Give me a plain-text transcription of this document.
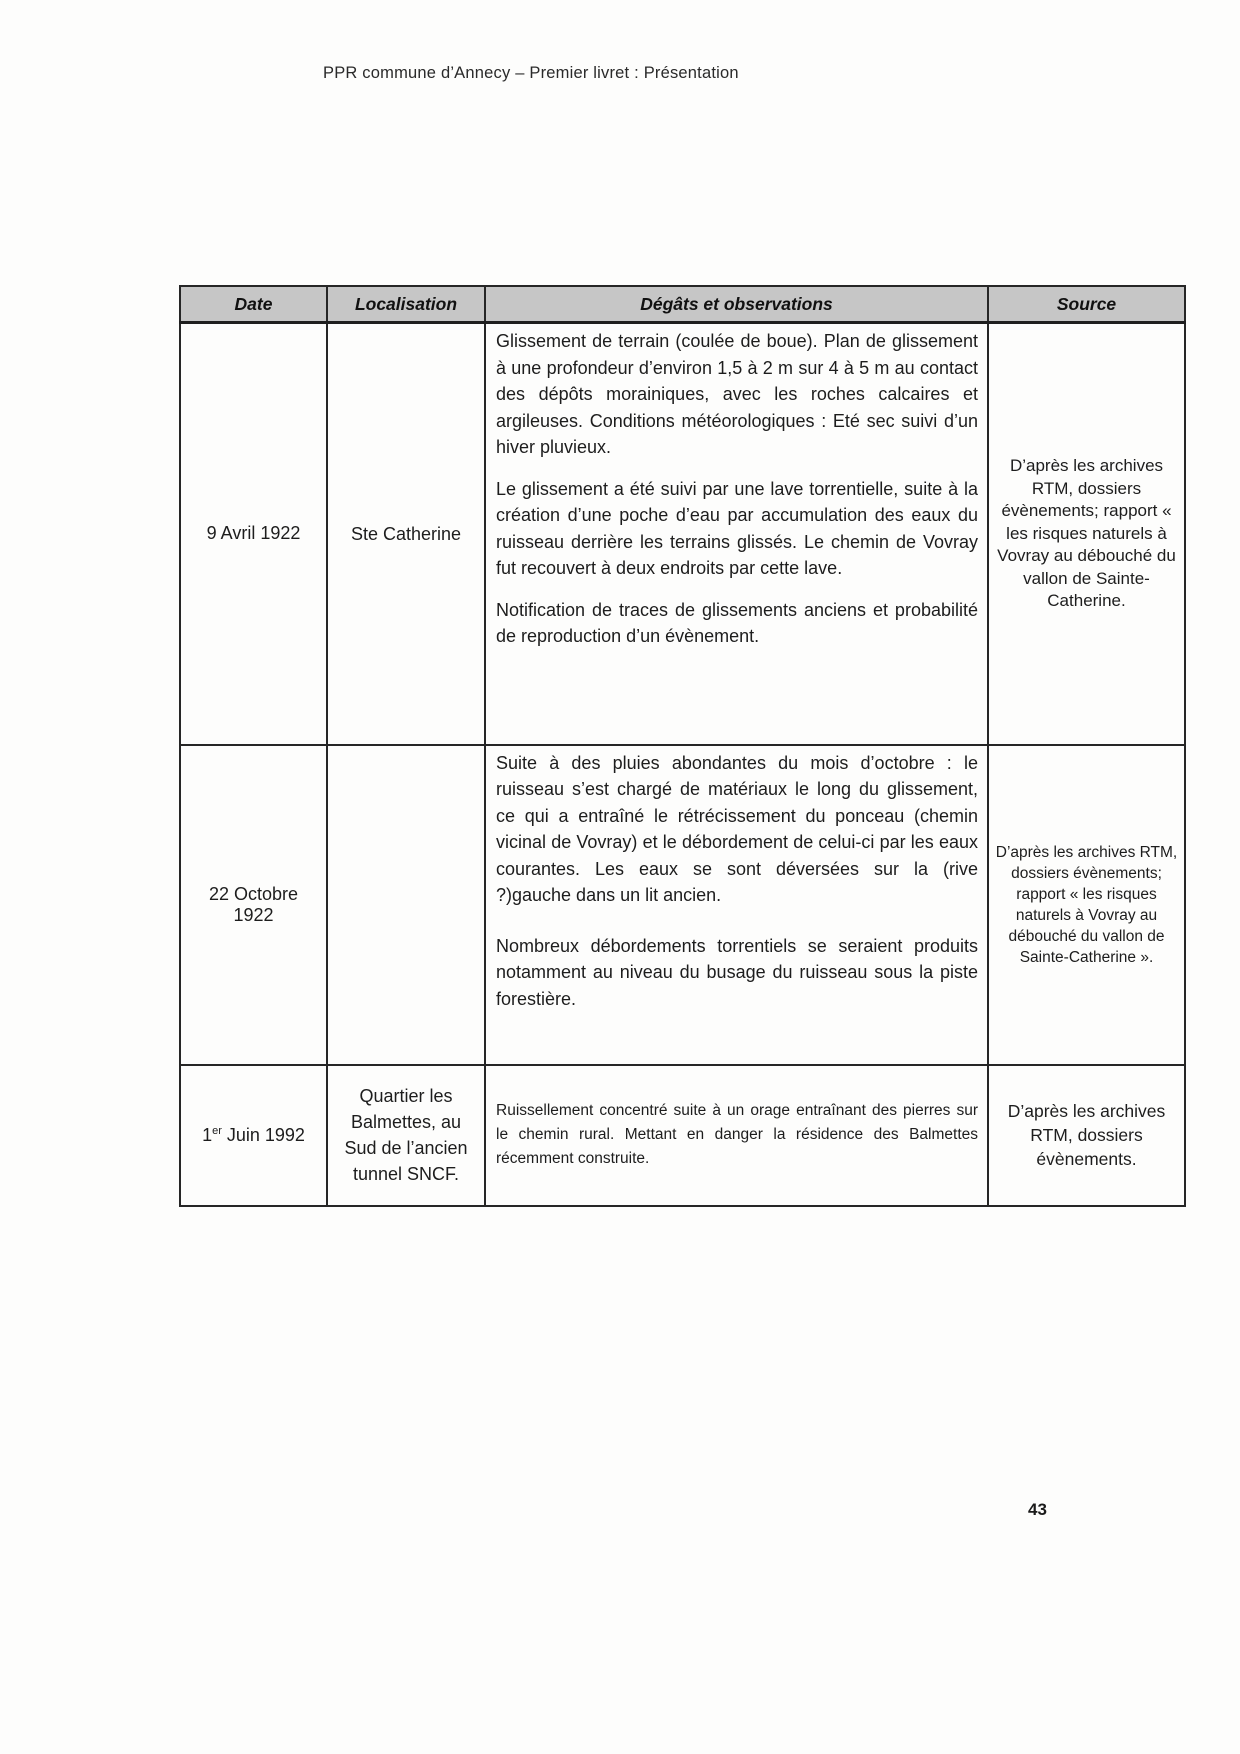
PPR commune d’Annecy – Premier livret : Présentation
Date	Localisation	Dégâts et observations	Source
9 Avril 1922	Ste Catherine	Glissement de terrain (coulée de boue). Plan de glissement à une profondeur d’environ 1,5 à 2 m sur 4 à 5 m au contact des dépôts morainiques, avec les roches calcaires et argileuses. Conditions météorologiques : Eté sec suivi d’un hiver pluvieux.

Le glissement a été suivi par une lave torrentielle, suite à la création d’une poche d’eau par accumulation des eaux du ruisseau derrière les terrains glissés. Le chemin de Vovray fut recouvert à deux endroits par cette lave.

Notification de traces de glissements anciens et probabilité de reproduction d’un évènement.	D’après les archives RTM, dossiers évènements; rapport « les risques naturels à Vovray au débouché du vallon de Sainte-Catherine.
22 Octobre 1922		Suite à des pluies abondantes du mois d’octobre : le ruisseau s’est chargé de matériaux le long du glissement, ce qui a entraîné le rétrécissement du ponceau (chemin vicinal de Vovray) et le débordement de celui-ci par les eaux courantes. Les eaux se sont déversées sur la (rive ?)gauche dans un lit ancien.

Nombreux débordements torrentiels se seraient produits notamment au niveau du busage du ruisseau sous la piste forestière.	D’après les archives RTM, dossiers évènements; rapport « les risques naturels à Vovray au débouché du vallon de Sainte-Catherine ».
1er Juin 1992	Quartier les Balmettes, au Sud de l’ancien tunnel SNCF.	Ruissellement concentré suite à un orage entraînant des pierres sur le chemin rural. Mettant en danger la résidence des Balmettes récemment construite.	D’après les archives RTM, dossiers évènements.
43
